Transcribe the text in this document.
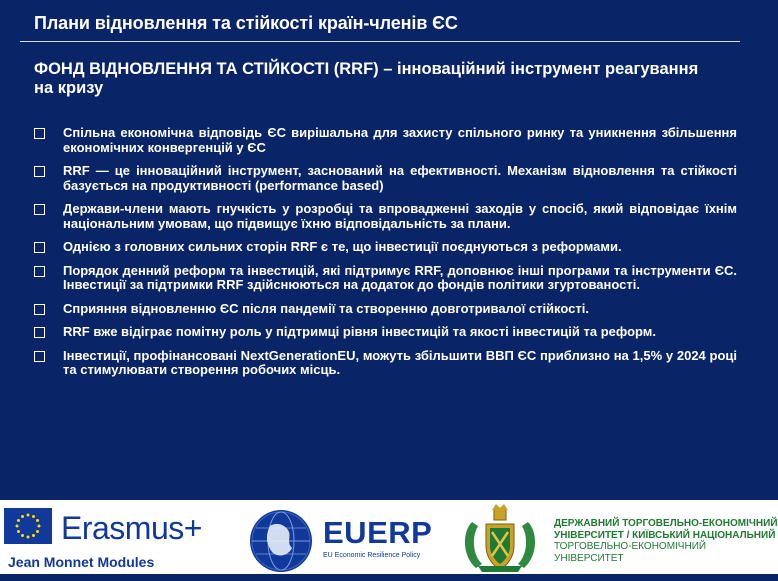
Плани відновлення та стійкості країн-членів ЄС
ФОНД ВІДНОВЛЕННЯ ТА СТІЙКОСТІ (RRF) – інноваційний інструмент реагування на кризу
Спільна економічна відповідь ЄС вирішальна для захисту спільного ринку та уникнення збільшення економічних конвергенцій у ЄС
RRF — це інноваційний інструмент, заснований на ефективності. Механізм відновлення та стійкості базується на продуктивності (performance based)
Держави-члени мають гнучкість у розробці та впровадженні заходів у спосіб, який відповідає їхнім національним умовам, що підвищує їхню відповідальність за плани.
Однією з головних сильних сторін RRF є те, що інвестиції поєднуються з реформами.
Порядок денний реформ та інвестицій, які підтримує RRF, доповнює інші програми та інструменти ЄС. Інвестиції за підтримки RRF здійснюються на додаток до фондів політики згуртованості.
Сприяння відновленню ЄС після пандемії та створенню довготривалої стійкості.
RRF вже відіграє помітну роль у підтримці рівня інвестицій та якості інвестицій та реформ.
Інвестиції, профінансовані NextGenerationEU, можуть збільшити ВВП ЄС приблизно на 1,5% у 2024 році та стимулювати створення робочих місць.
Erasmus+
Jean Monnet Modules
EUERP
EU Economic Resilience Policy

ДЕРЖАВНИЙ ТОРГОВЕЛЬНО-ЕКОНОМІЧНИЙ
УНІВЕРСИТЕТ / КИЇВСЬКИЙ НАЦІОНАЛЬНИЙ
ТОРГОВЕЛЬНО-ЕКОНОМІЧНИЙ УНІВЕРСИТЕТ
